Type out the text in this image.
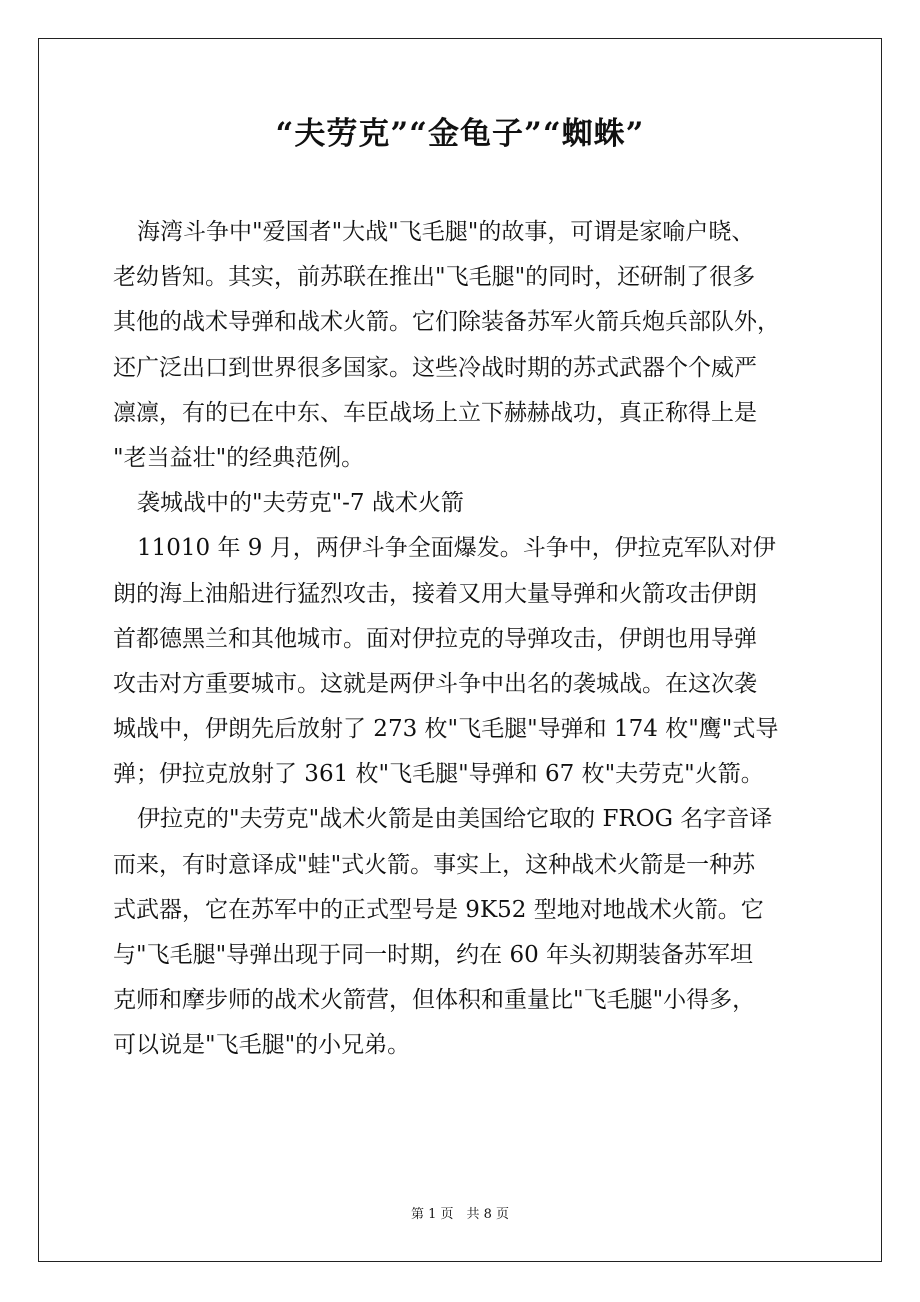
“夫劳克”“金龟子”“蜘蛛”
海湾斗争中"爱国者"大战"飞毛腿"的故事，可谓是家喻户晓、
老幼皆知。其实，前苏联在推出"飞毛腿"的同时，还研制了很多
其他的战术导弹和战术火箭。它们除装备苏军火箭兵炮兵部队外，
还广泛出口到世界很多国家。这些冷战时期的苏式武器个个威严
凛凛，有的已在中东、车臣战场上立下赫赫战功，真正称得上是
"老当益壮"的经典范例。
袭城战中的"夫劳克"-7 战术火箭
11010 年 9 月，两伊斗争全面爆发。斗争中，伊拉克军队对伊
朗的海上油船进行猛烈攻击，接着又用大量导弹和火箭攻击伊朗
首都德黑兰和其他城市。面对伊拉克的导弹攻击，伊朗也用导弹
攻击对方重要城市。这就是两伊斗争中出名的袭城战。在这次袭
城战中，伊朗先后放射了 273 枚"飞毛腿"导弹和 174 枚"鹰"式导
弹；伊拉克放射了 361 枚"飞毛腿"导弹和 67 枚"夫劳克"火箭。
伊拉克的"夫劳克"战术火箭是由美国给它取的 FROG 名字音译
而来，有时意译成"蛙"式火箭。事实上，这种战术火箭是一种苏
式武器，它在苏军中的正式型号是 9K52 型地对地战术火箭。它
与"飞毛腿"导弹出现于同一时期，约在 60 年头初期装备苏军坦
克师和摩步师的战术火箭营，但体积和重量比"飞毛腿"小得多，
可以说是"飞毛腿"的小兄弟。
第 1 页　共 8 页
